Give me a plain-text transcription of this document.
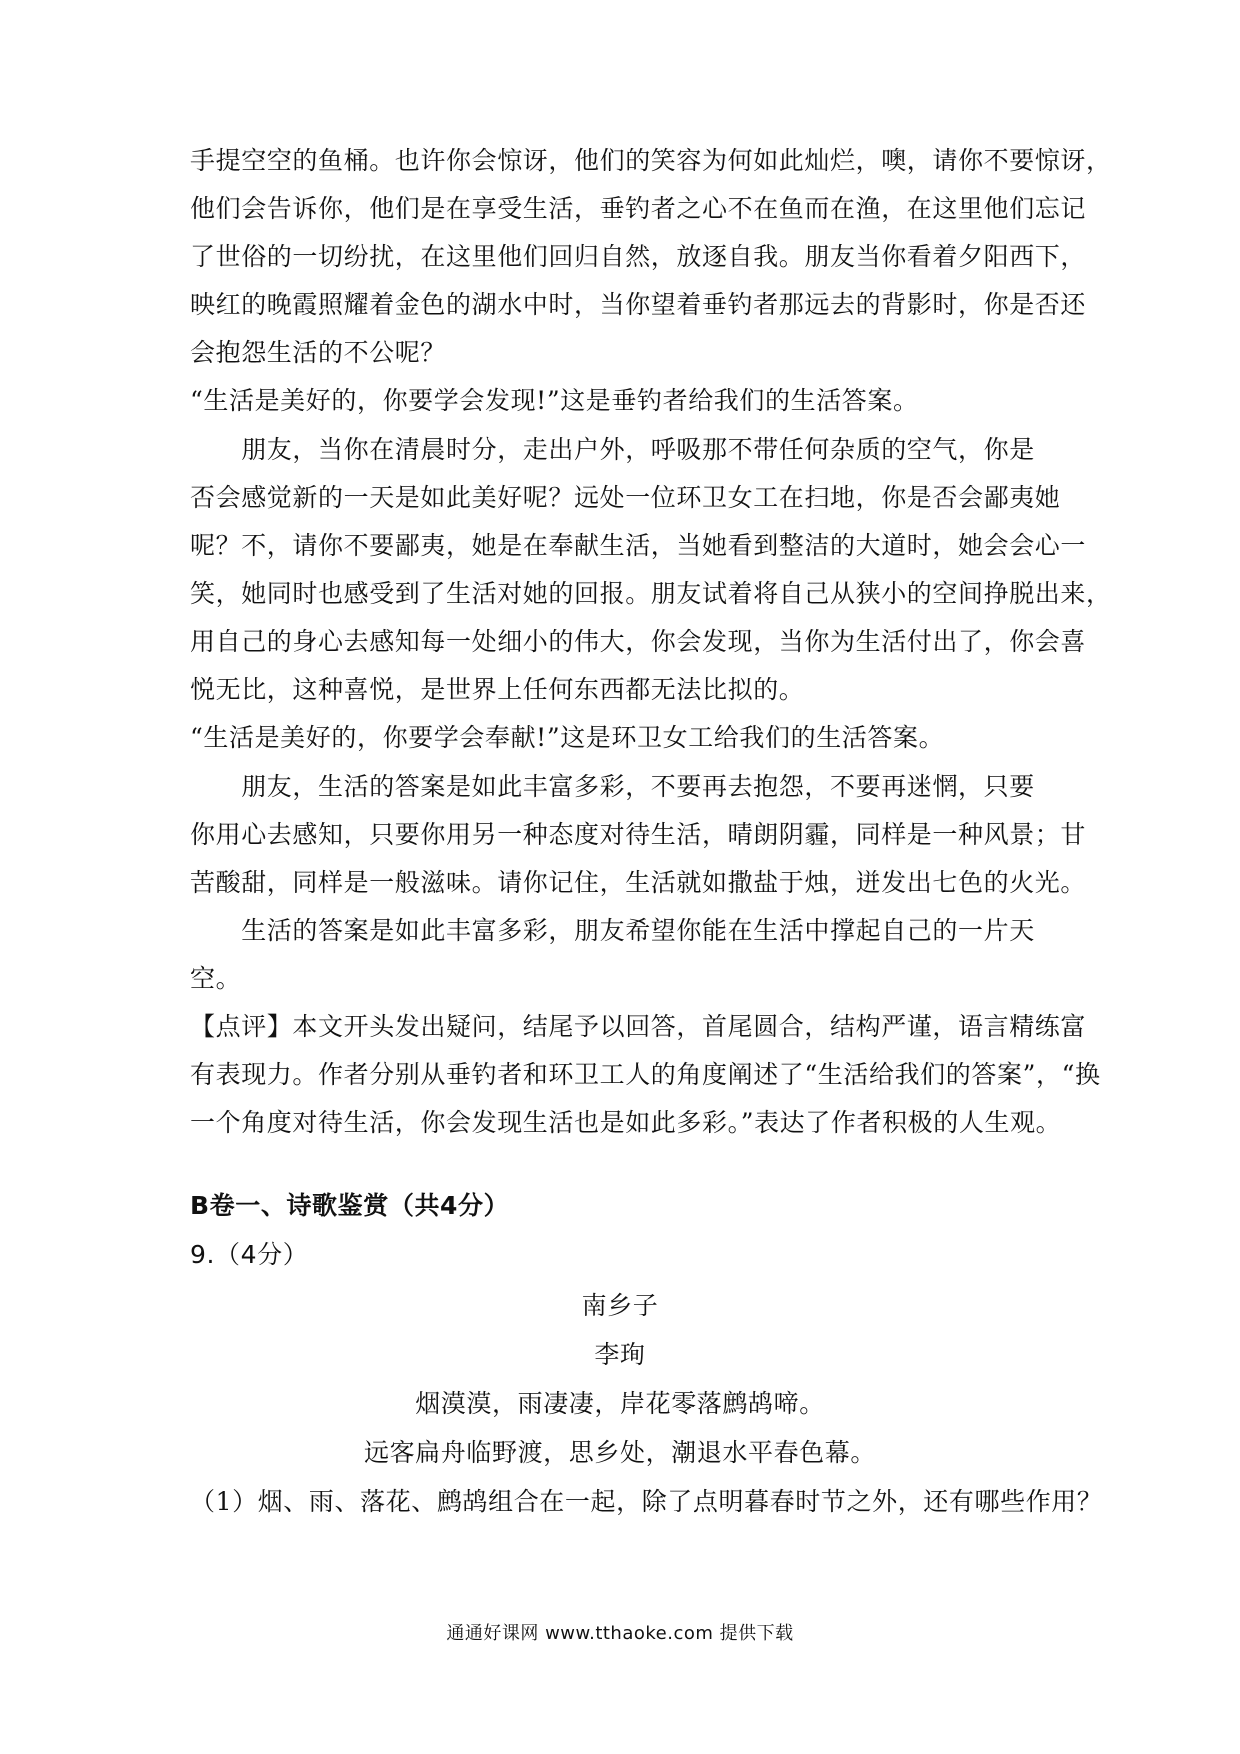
手提空空的鱼桶。也许你会惊讶，他们的笑容为何如此灿烂，噢，请你不要惊讶，
他们会告诉你，他们是在享受生活，垂钓者之心不在鱼而在渔，在这里他们忘记
了世俗的一切纷扰，在这里他们回归自然，放逐自我。朋友当你看着夕阳西下，
映红的晚霞照耀着金色的湖水中时，当你望着垂钓者那远去的背影时，你是否还
会抱怨生活的不公呢？
“生活是美好的，你要学会发现!”这是垂钓者给我们的生活答案。
　　朋友，当你在清晨时分，走出户外，呼吸那不带任何杂质的空气，你是
否会感觉新的一天是如此美好呢？远处一位环卫女工在扫地，你是否会鄙夷她
呢？不，请你不要鄙夷，她是在奉献生活，当她看到整洁的大道时，她会会心一
笑，她同时也感受到了生活对她的回报。朋友试着将自己从狭小的空间挣脱出来，
用自己的身心去感知每一处细小的伟大，你会发现，当你为生活付出了，你会喜
悦无比，这种喜悦，是世界上任何东西都无法比拟的。
“生活是美好的，你要学会奉献!”这是环卫女工给我们的生活答案。
　　朋友，生活的答案是如此丰富多彩，不要再去抱怨，不要再迷惘，只要
你用心去感知，只要你用另一种态度对待生活，晴朗阴霾，同样是一种风景；甘
苦酸甜，同样是一般滋味。请你记住，生活就如撒盐于烛，迸发出七色的火光。
　　生活的答案是如此丰富多彩，朋友希望你能在生活中撑起自己的一片天
空。
【点评】本文开头发出疑问，结尾予以回答，首尾圆合，结构严谨，语言精练富
有表现力。作者分别从垂钓者和环卫工人的角度阐述了“生活给我们的答案”，“换
一个角度对待生活，你会发现生活也是如此多彩。”表达了作者积极的人生观。
B卷一、诗歌鉴赏（共4分）
9.（4分）
南乡子
李珣
烟漠漠，雨凄凄，岸花零落鹧鸪啼。
远客扁舟临野渡，思乡处，潮退水平春色幕。
（1）烟、雨、落花、鹧鸪组合在一起，除了点明暮春时节之外，还有哪些作用？
通通好课网 www.tthaoke.com 提供下载
